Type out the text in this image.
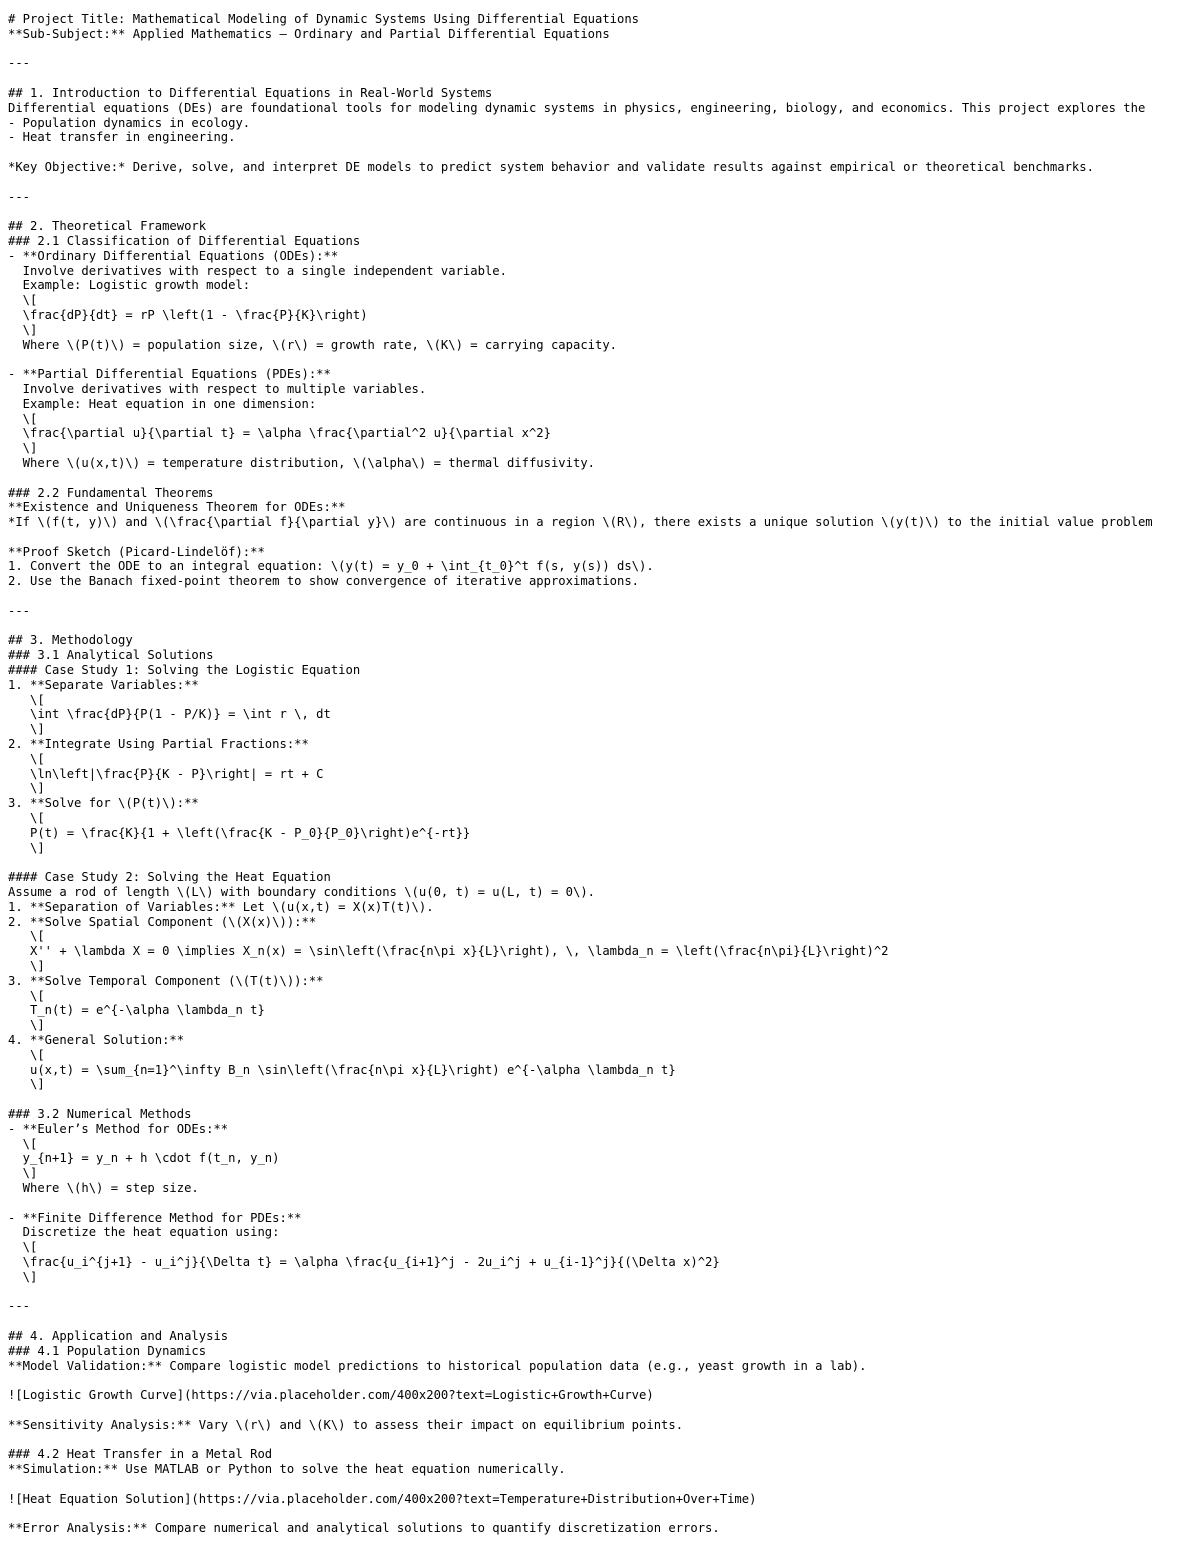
# Project Title: Mathematical Modeling of Dynamic Systems Using Differential Equations
**Sub-Subject:** Applied Mathematics – Ordinary and Partial Differential Equations
---
## 1. Introduction to Differential Equations in Real-World Systems
Differential equations (DEs) are foundational tools for modeling dynamic systems in physics, engineering, biology, and economics. This project explores the
- Population dynamics in ecology.
- Heat transfer in engineering.
*Key Objective:* Derive, solve, and interpret DE models to predict system behavior and validate results against empirical or theoretical benchmarks.
---
## 2. Theoretical Framework
### 2.1 Classification of Differential Equations
- **Ordinary Differential Equations (ODEs):**
Involve derivatives with respect to a single independent variable.
Example: Logistic growth model:
\[
\frac{dP}{dt} = rP \left(1 - \frac{P}{K}\right)
\]
Where \(P(t)\) = population size, \(r\) = growth rate, \(K\) = carrying capacity.
- **Partial Differential Equations (PDEs):**
Involve derivatives with respect to multiple variables.
Example: Heat equation in one dimension:
\[
\frac{\partial u}{\partial t} = \alpha \frac{\partial^2 u}{\partial x^2}
\]
Where \(u(x,t)\) = temperature distribution, \(\alpha\) = thermal diffusivity.
### 2.2 Fundamental Theorems
**Existence and Uniqueness Theorem for ODEs:**
*If \(f(t, y)\) and \(\frac{\partial f}{\partial y}\) are continuous in a region \(R\), there exists a unique solution \(y(t)\) to the initial value problem
**Proof Sketch (Picard-Lindelöf):**
1. Convert the ODE to an integral equation: \(y(t) = y_0 + \int_{t_0}^t f(s, y(s)) ds\).
2. Use the Banach fixed-point theorem to show convergence of iterative approximations.
---
## 3. Methodology
### 3.1 Analytical Solutions
#### Case Study 1: Solving the Logistic Equation
1. **Separate Variables:**
\[
\int \frac{dP}{P(1 - P/K)} = \int r \, dt
\]
2. **Integrate Using Partial Fractions:**
\[
\ln\left|\frac{P}{K - P}\right| = rt + C
\]
3. **Solve for \(P(t)\):**
\[
P(t) = \frac{K}{1 + \left(\frac{K - P_0}{P_0}\right)e^{-rt}}
\]
#### Case Study 2: Solving the Heat Equation
Assume a rod of length \(L\) with boundary conditions \(u(0, t) = u(L, t) = 0\).
1. **Separation of Variables:** Let \(u(x,t) = X(x)T(t)\).
2. **Solve Spatial Component (\(X(x)\)):**
\[
X'' + \lambda X = 0 \implies X_n(x) = \sin\left(\frac{n\pi x}{L}\right), \, \lambda_n = \left(\frac{n\pi}{L}\right)^2
\]
3. **Solve Temporal Component (\(T(t)\)):**
\[
T_n(t) = e^{-\alpha \lambda_n t}
\]
4. **General Solution:**
\[
u(x,t) = \sum_{n=1}^\infty B_n \sin\left(\frac{n\pi x}{L}\right) e^{-\alpha \lambda_n t}
\]
### 3.2 Numerical Methods
- **Euler’s Method for ODEs:**
\[
y_{n+1} = y_n + h \cdot f(t_n, y_n)
\]
Where \(h\) = step size.
- **Finite Difference Method for PDEs:**
Discretize the heat equation using:
\[
\frac{u_i^{j+1} - u_i^j}{\Delta t} = \alpha \frac{u_{i+1}^j - 2u_i^j + u_{i-1}^j}{(\Delta x)^2}
\]
---
## 4. Application and Analysis
### 4.1 Population Dynamics
**Model Validation:** Compare logistic model predictions to historical population data (e.g., yeast growth in a lab).
![Logistic Growth Curve](https://via.placeholder.com/400x200?text=Logistic+Growth+Curve)
**Sensitivity Analysis:** Vary \(r\) and \(K\) to assess their impact on equilibrium points.
### 4.2 Heat Transfer in a Metal Rod
**Simulation:** Use MATLAB or Python to solve the heat equation numerically.
![Heat Equation Solution](https://via.placeholder.com/400x200?text=Temperature+Distribution+Over+Time)
**Error Analysis:** Compare numerical and analytical solutions to quantify discretization errors.
